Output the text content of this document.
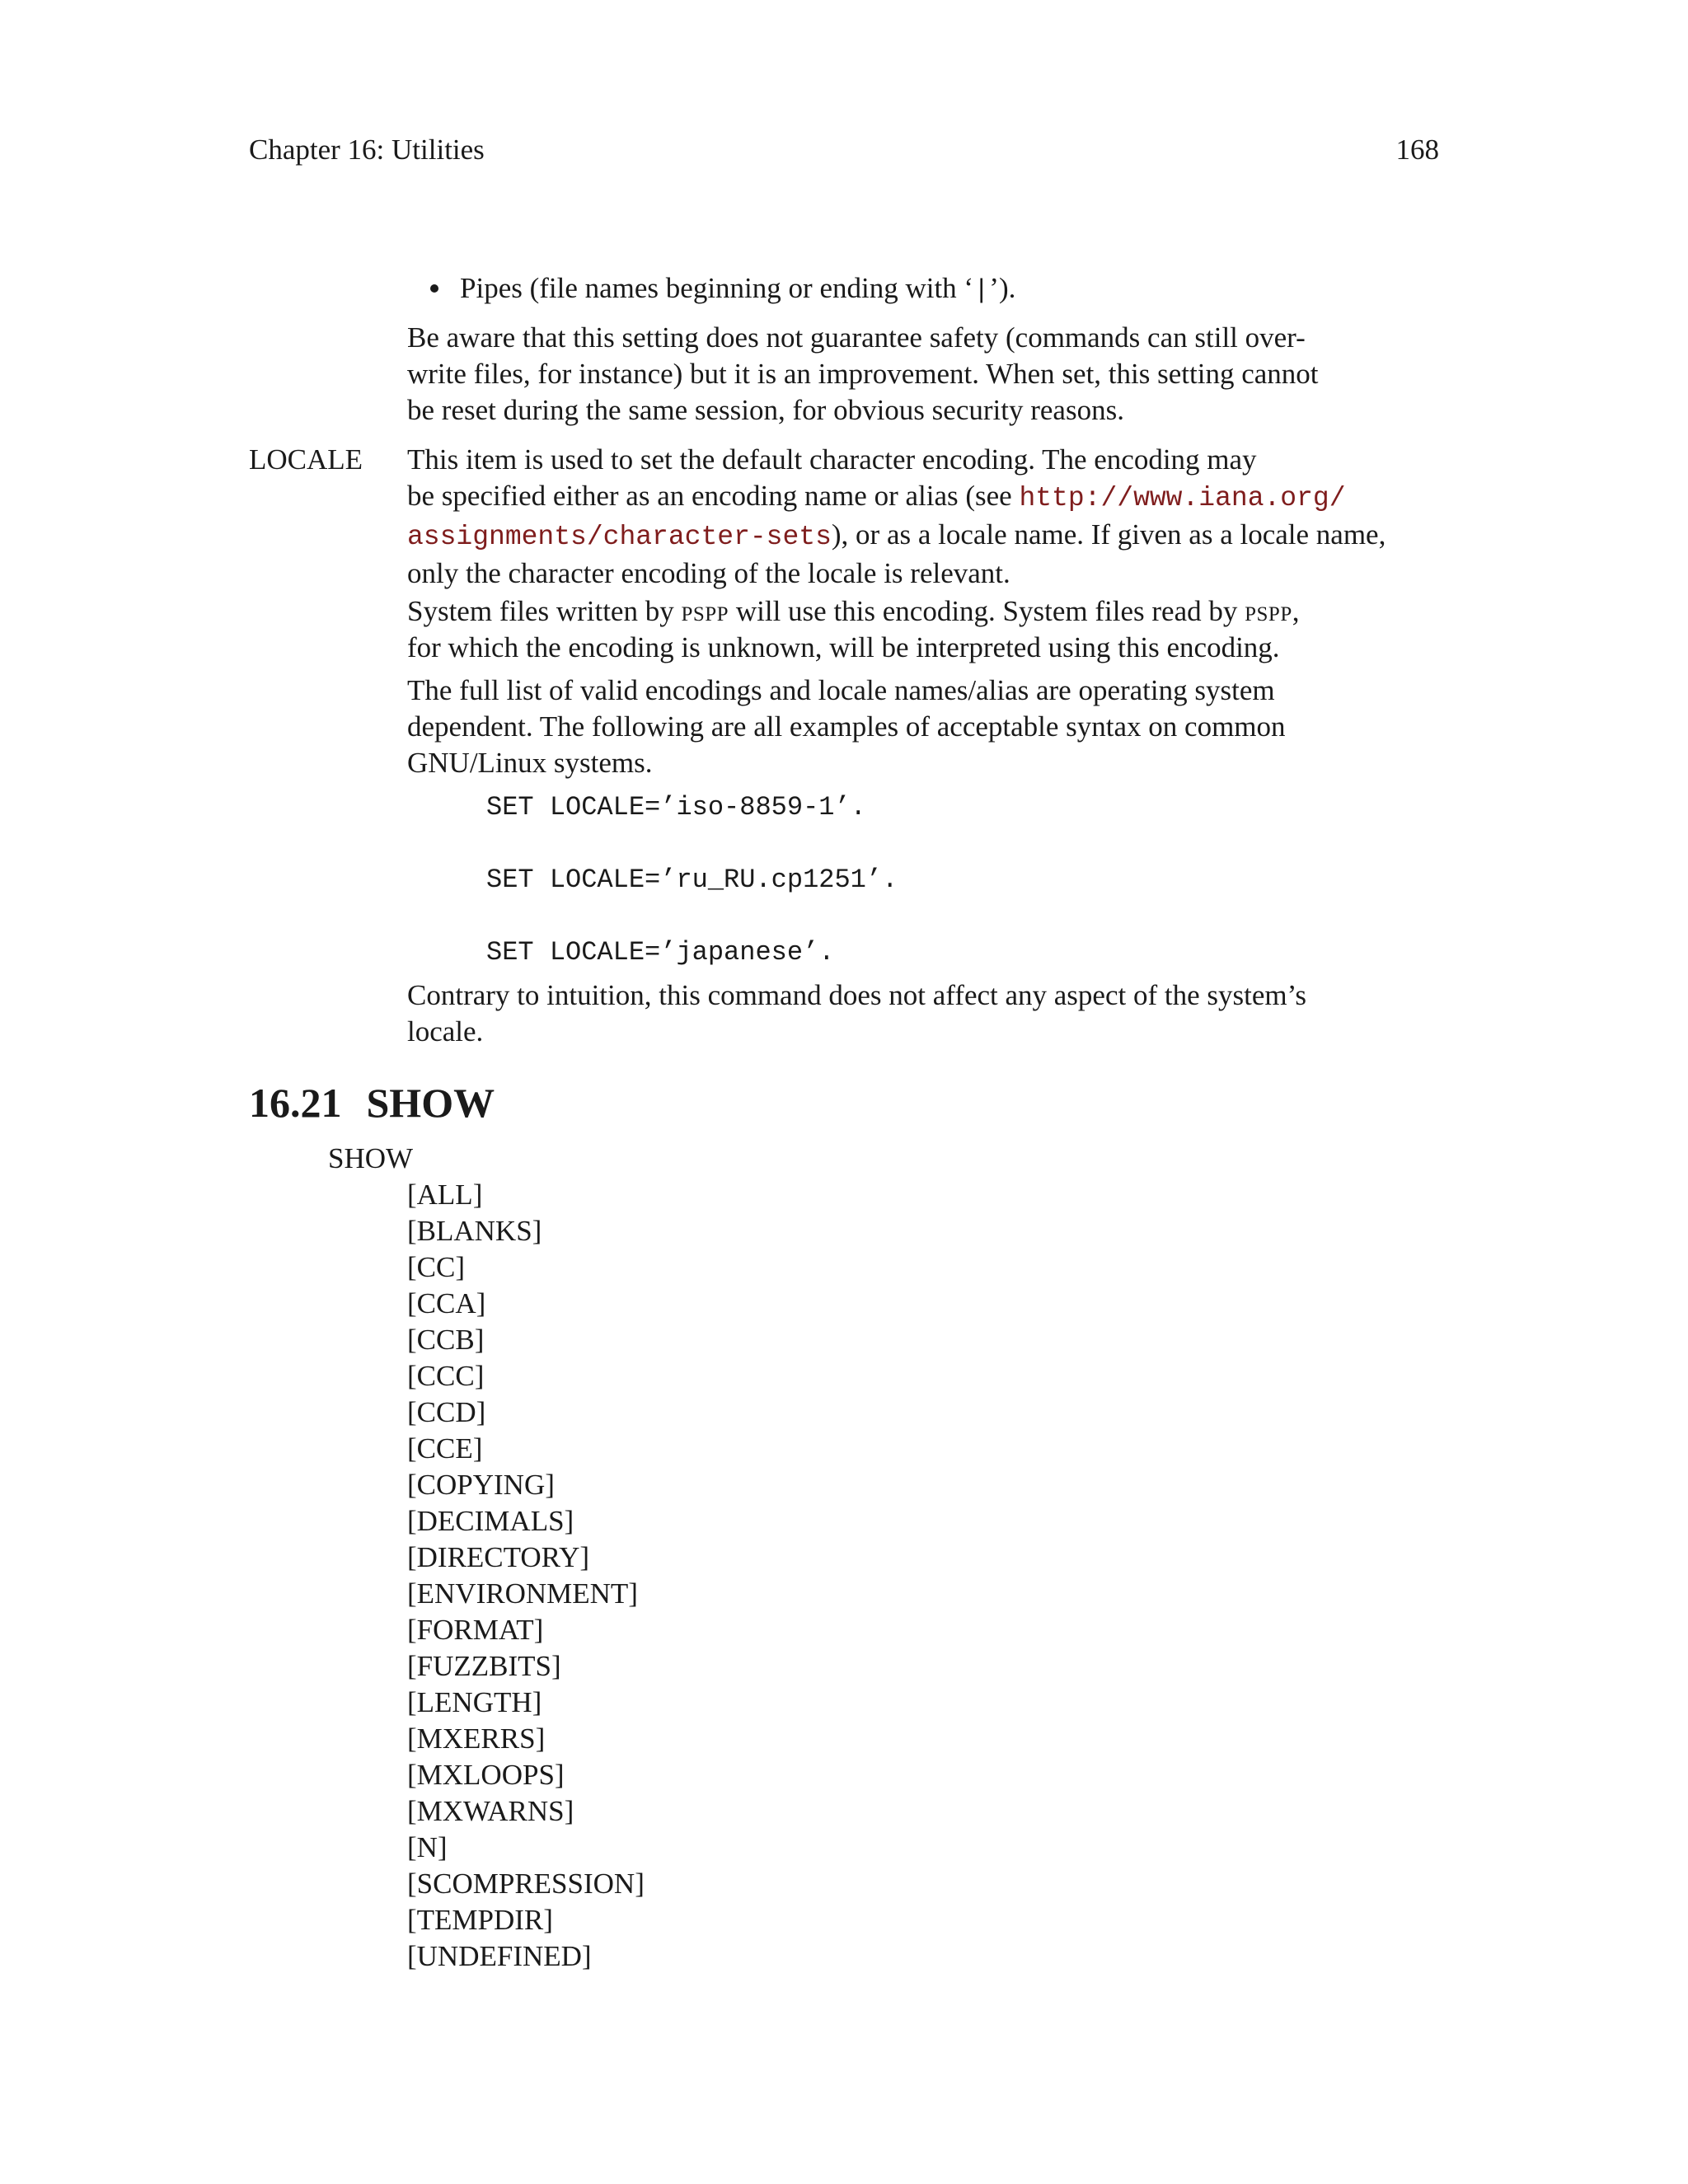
Chapter 16: Utilities	168
Pipes (file names beginning or ending with ‘|’).
Be aware that this setting does not guarantee safety (commands can still over-
write files, for instance) but it is an improvement. When set, this setting cannot
be reset during the same session, for obvious security reasons.
LOCALE This item is used to set the default character encoding. The encoding may
be specified either as an encoding name or alias (see http://www.iana.org/
assignments/character-sets), or as a locale name. If given as a locale name,
only the character encoding of the locale is relevant.
System files written by pspp will use this encoding. System files read by pspp,
for which the encoding is unknown, will be interpreted using this encoding.
The full list of valid encodings and locale names/alias are operating system
dependent. The following are all examples of acceptable syntax on common
GNU/Linux systems.
SET LOCALE=’iso-8859-1’.
SET LOCALE=’ru_RU.cp1251’.
SET LOCALE=’japanese’.
Contrary to intuition, this command does not affect any aspect of the system’s
locale.
16.21 SHOW
SHOW
[ALL]
[BLANKS]
[CC]
[CCA]
[CCB]
[CCC]
[CCD]
[CCE]
[COPYING]
[DECIMALS]
[DIRECTORY]
[ENVIRONMENT]
[FORMAT]
[FUZZBITS]
[LENGTH]
[MXERRS]
[MXLOOPS]
[MXWARNS]
[N]
[SCOMPRESSION]
[TEMPDIR]
[UNDEFINED]
